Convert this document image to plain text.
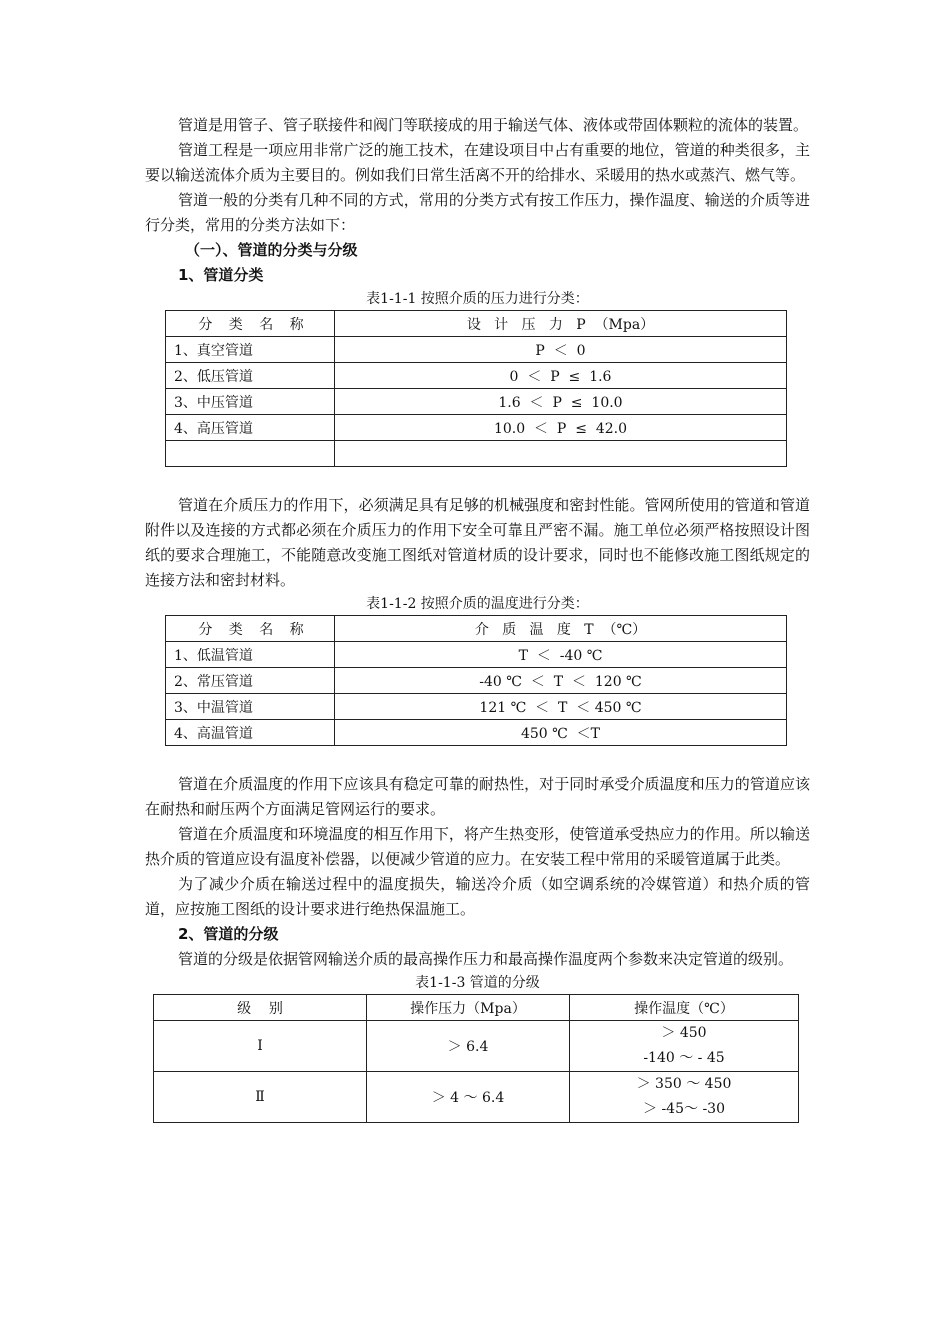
管道是用管子、管子联接件和阀门等联接成的用于输送气体、液体或带固体颗粒的流体的装置。

管道工程是一项应用非常广泛的施工技术，在建设项目中占有重要的地位，管道的种类很多，主要以输送流体介质为主要目的。例如我们日常生活离不开的给排水、采暖用的热水或蒸汽、燃气等。

管道一般的分类有几种不同的方式，常用的分类方式有按工作压力，操作温度、输送的介质等进行分类，常用的分类方法如下：

（一）、管道的分类与分级

1、管道分类

表1-1-1 按照介质的压力进行分类：

分 类 名 称	设   计   压   力   P  （Mpa）
1、真空管道	P  ＜  0
2、低压管道	0  ＜  P  ≤  1.6
3、中压管道	1.6  ＜  P  ≤  10.0
4、高压管道	10.0  ＜  P  ≤  42.0

管道在介质压力的作用下，必须满足具有足够的机械强度和密封性能。管网所使用的管道和管道附件以及连接的方式都必须在介质压力的作用下安全可靠且严密不漏。施工单位必须严格按照设计图纸的要求合理施工，不能随意改变施工图纸对管道材质的设计要求，同时也不能修改施工图纸规定的连接方法和密封材料。

表1-1-2 按照介质的温度进行分类：

分 类 名 称	介   质   温   度   T  （℃）
1、低温管道	T  ＜  -40 ℃
2、常压管道	-40 ℃  ＜  T  ＜  120 ℃
3、中温管道	121 ℃  ＜  T  ＜ 450 ℃
4、高温管道	450 ℃  ＜T

管道在介质温度的作用下应该具有稳定可靠的耐热性，对于同时承受介质温度和压力的管道应该在耐热和耐压两个方面满足管网运行的要求。

管道在介质温度和环境温度的相互作用下，将产生热变形，使管道承受热应力的作用。所以输送热介质的管道应设有温度补偿器，以便减少管道的应力。在安装工程中常用的采暖管道属于此类。

为了减少介质在输送过程中的温度损失，输送冷介质（如空调系统的冷媒管道）和热介质的管道，应按施工图纸的设计要求进行绝热保温施工。

2、管道的分级

管道的分级是依据管网输送介质的最高操作压力和最高操作温度两个参数来决定管道的级别。

表1-1-3 管道的分级

级    别	操作压力（Mpa）	操作温度（℃）
Ⅰ	＞ 6.4	＞ 450
-140 ～ - 45

Ⅱ	＞ 4 ～ 6.4	＞ 350 ～ 450
＞ -45～ -30
